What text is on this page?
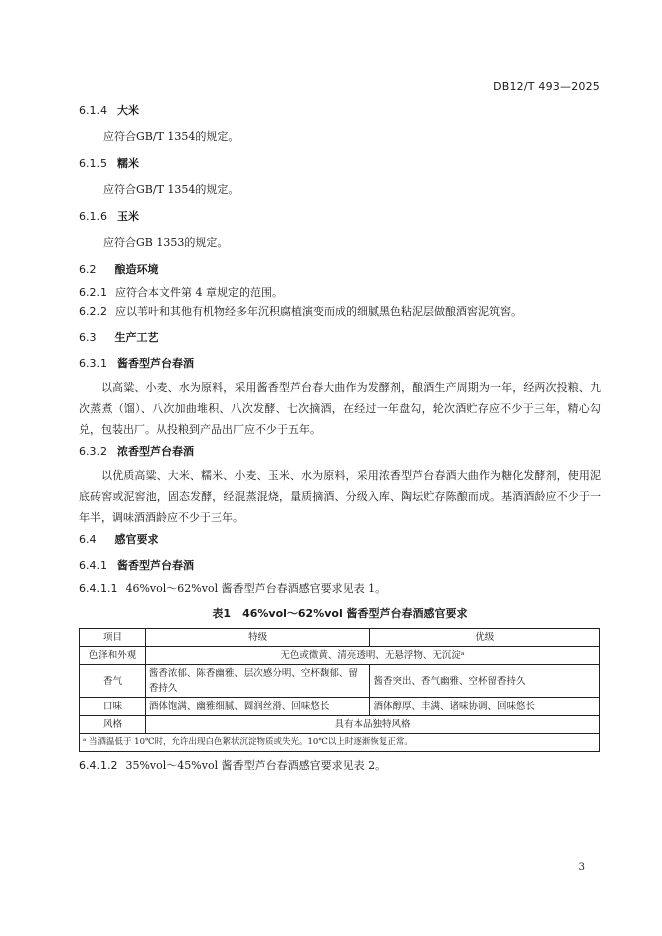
DB12/T 493—2025
6.1.4 大米
应符合GB/T 1354的规定。
6.1.5 糯米
应符合GB/T 1354的规定。
6.1.6 玉米
应符合GB 1353的规定。
6.2 酿造环境
6.2.1 应符合本文件第 4 章规定的范围。
6.2.2 应以苇叶和其他有机物经多年沉积腐植演变而成的细腻黑色粘泥层做酿酒窖泥筑窖。
6.3 生产工艺
6.3.1 酱香型芦台春酒
以高粱、小麦、水为原料，采用酱香型芦台春大曲作为发酵剂，酿酒生产周期为一年，经两次投粮、九次蒸煮（馏）、八次加曲堆积、八次发酵、七次摘酒，在经过一年盘勾，轮次酒贮存应不少于三年，精心勾兑，包装出厂。从投粮到产品出厂应不少于五年。
6.3.2 浓香型芦台春酒
以优质高粱、大米、糯米、小麦、玉米、水为原料，采用浓香型芦台春酒大曲作为糖化发酵剂，使用泥底砖窖或泥窖池，固态发酵，经混蒸混烧，量质摘酒、分级入库、陶坛贮存陈酿而成。基酒酒龄应不少于一年半，调味酒酒龄应不少于三年。
6.4 感官要求
6.4.1 酱香型芦台春酒
6.4.1.1 46%vol～62%vol 酱香型芦台春酒感官要求见表 1。
表1　46%vol～62%vol 酱香型芦台春酒感官要求
项目	特级	优级
色泽和外观	无色或微黄、清亮透明、无悬浮物、无沉淀ᵃ	
香气	酱香浓郁、陈香幽雅、层次感分明、空杯馥郁、留香持久	酱香突出、香气幽雅、空杯留香持久
口味	酒体饱满、幽雅细腻、圆润丝滑、回味悠长	酒体醇厚、丰满、诸味协调、回味悠长
风格	具有本品独特风格	
ᵃ 当酒温低于 10℃时，允许出现白色絮状沉淀物质或失光。10℃以上时逐渐恢复正常。		
6.4.1.2 35%vol～45%vol 酱香型芦台春酒感官要求见表 2。
3
